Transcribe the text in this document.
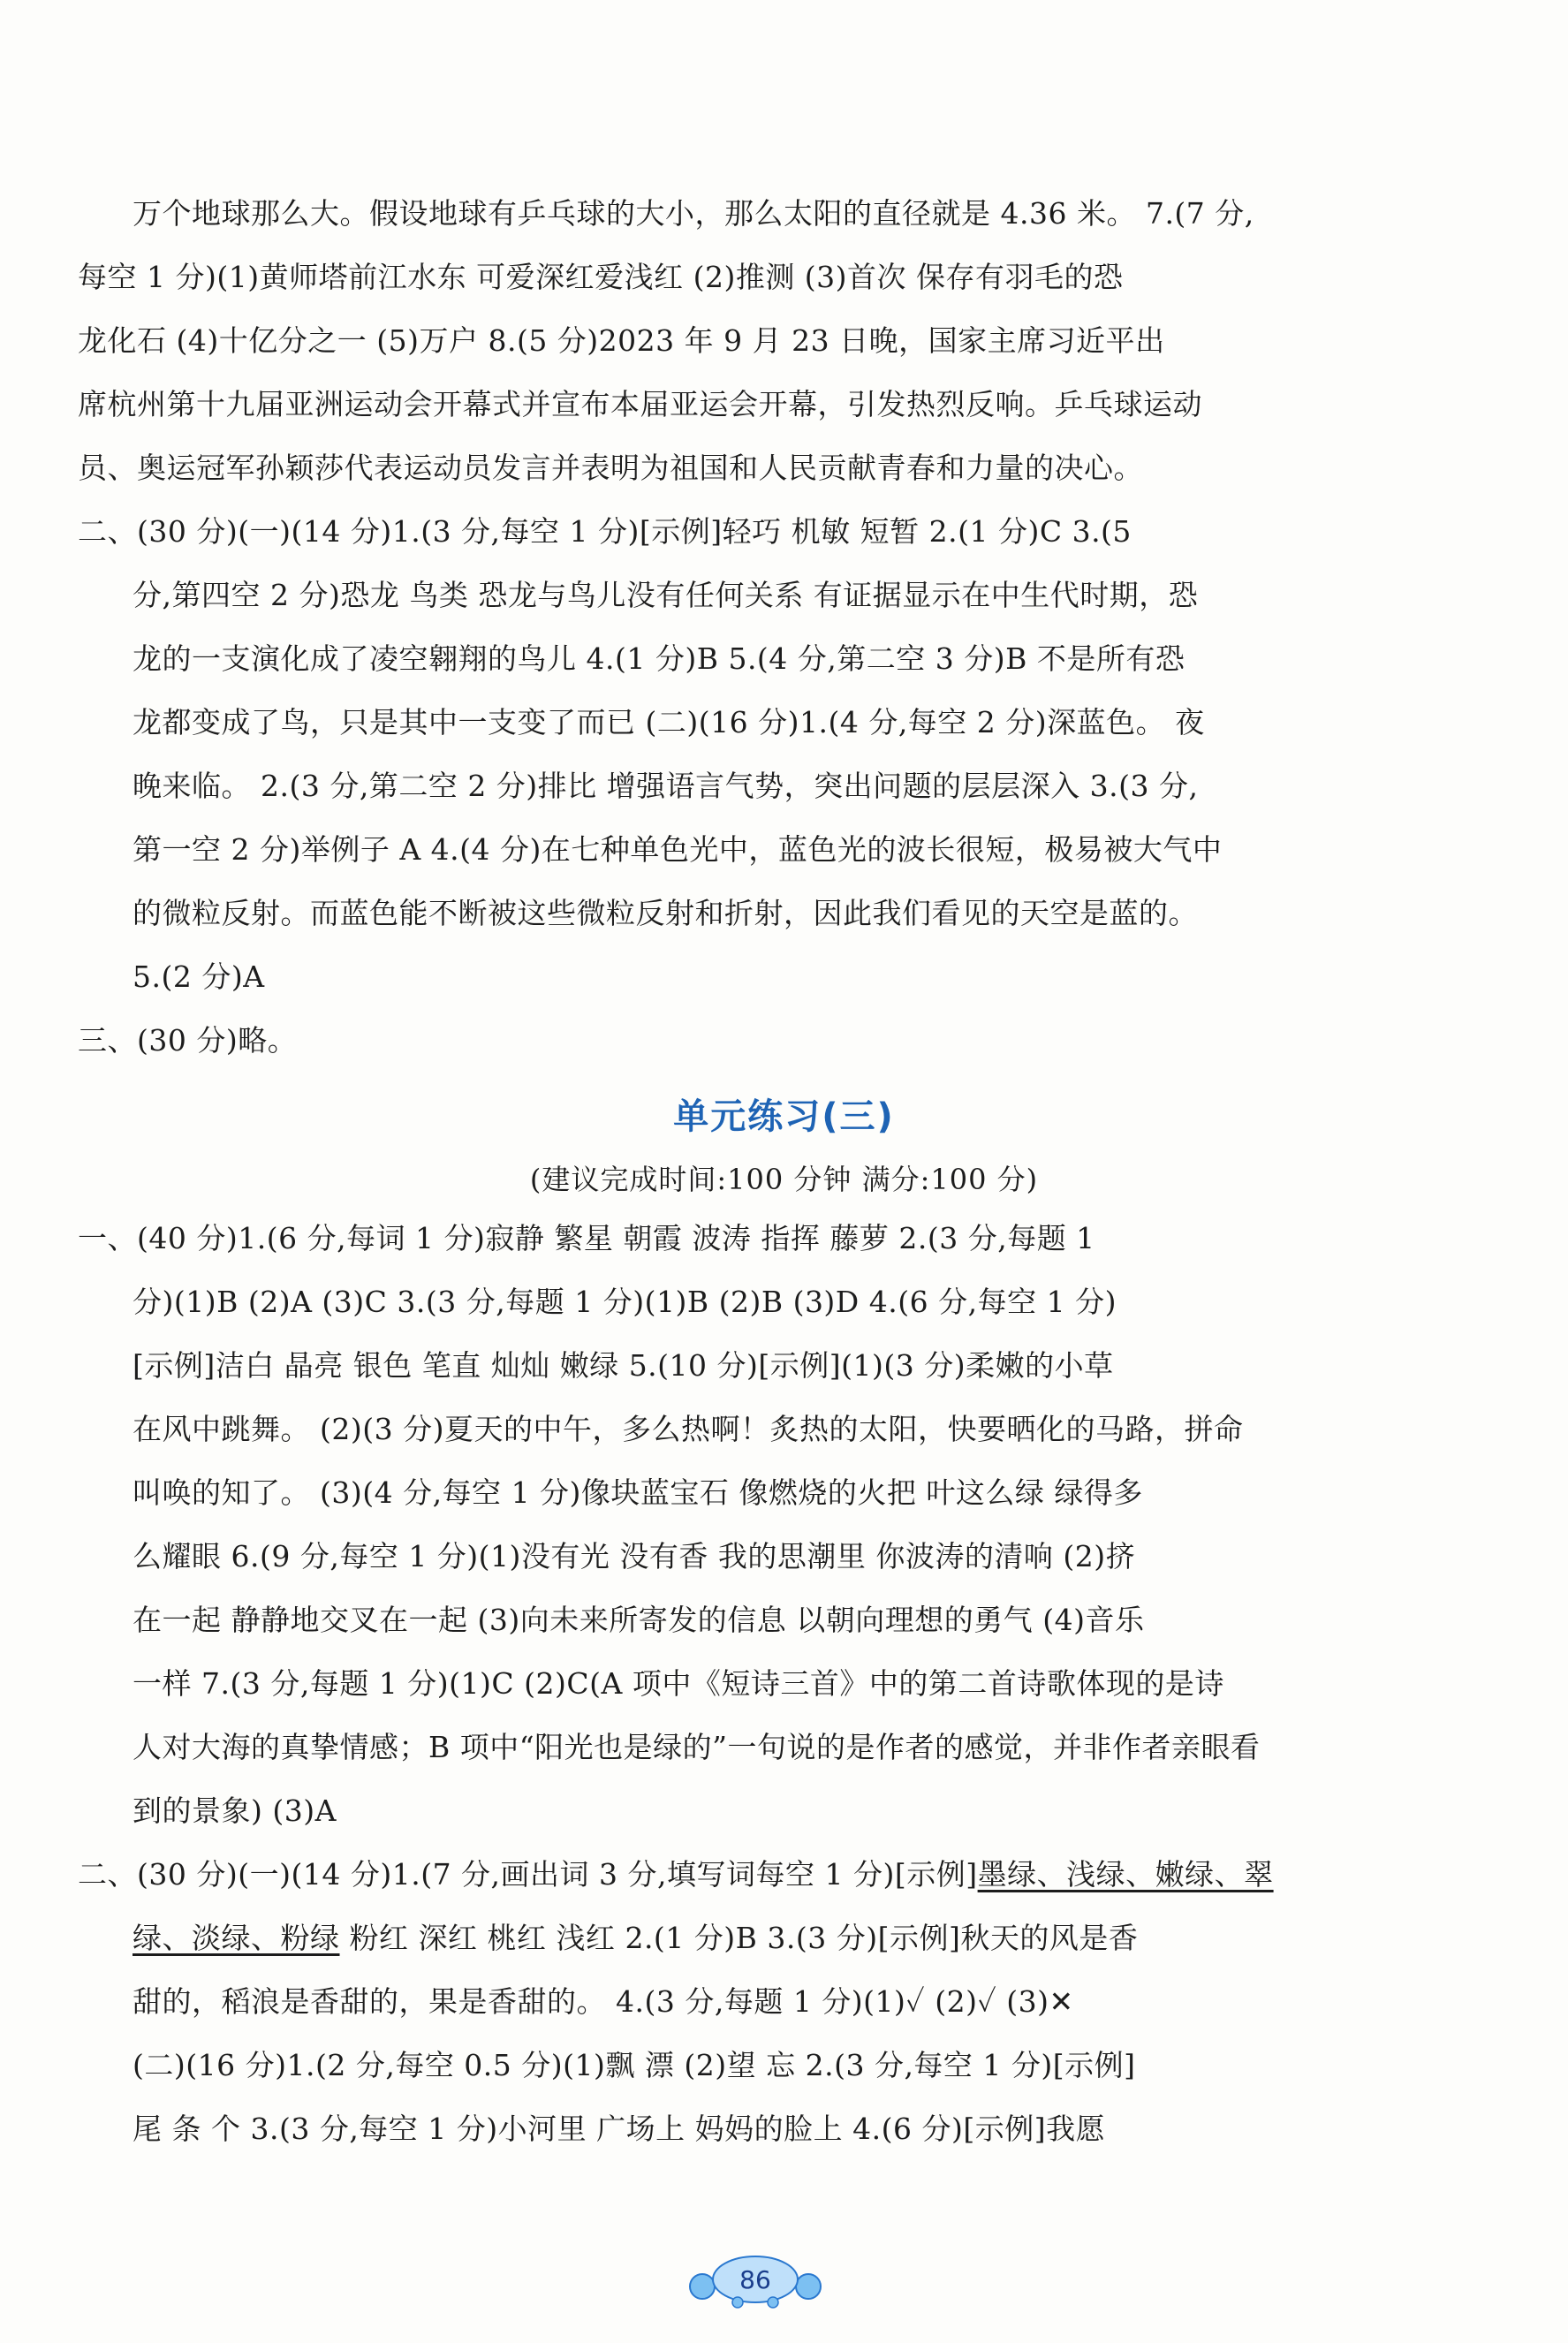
万个地球那么大。假设地球有乒乓球的大小，那么太阳的直径就是 4.36 米。 7.(7 分,
每空 1 分)(1)黄师塔前江水东 可爱深红爱浅红 (2)推测 (3)首次 保存有羽毛的恐
龙化石 (4)十亿分之一 (5)万户 8.(5 分)2023 年 9 月 23 日晚，国家主席习近平出
席杭州第十九届亚洲运动会开幕式并宣布本届亚运会开幕，引发热烈反响。乒乓球运动
员、奥运冠军孙颖莎代表运动员发言并表明为祖国和人民贡献青春和力量的决心。
二、(30 分)(一)(14 分)1.(3 分,每空 1 分)[示例]轻巧 机敏 短暂 2.(1 分)C 3.(5
分,第四空 2 分)恐龙 鸟类 恐龙与鸟儿没有任何关系 有证据显示在中生代时期，恐
龙的一支演化成了凌空翱翔的鸟儿 4.(1 分)B 5.(4 分,第二空 3 分)B 不是所有恐
龙都变成了鸟，只是其中一支变了而已 (二)(16 分)1.(4 分,每空 2 分)深蓝色。 夜
晚来临。 2.(3 分,第二空 2 分)排比 增强语言气势，突出问题的层层深入 3.(3 分,
第一空 2 分)举例子 A 4.(4 分)在七种单色光中，蓝色光的波长很短，极易被大气中
的微粒反射。而蓝色能不断被这些微粒反射和折射，因此我们看见的天空是蓝的。
5.(2 分)A
三、(30 分)略。
单元练习(三)
(建议完成时间:100 分钟 满分:100 分)
一、(40 分)1.(6 分,每词 1 分)寂静 繁星 朝霞 波涛 指挥 藤萝 2.(3 分,每题 1
分)(1)B (2)A (3)C 3.(3 分,每题 1 分)(1)B (2)B (3)D 4.(6 分,每空 1 分)
[示例]洁白 晶亮 银色 笔直 灿灿 嫩绿 5.(10 分)[示例](1)(3 分)柔嫩的小草
在风中跳舞。 (2)(3 分)夏天的中午，多么热啊！炙热的太阳，快要晒化的马路，拼命
叫唤的知了。 (3)(4 分,每空 1 分)像块蓝宝石 像燃烧的火把 叶这么绿 绿得多
么耀眼 6.(9 分,每空 1 分)(1)没有光 没有香 我的思潮里 你波涛的清响 (2)挤
在一起 静静地交叉在一起 (3)向未来所寄发的信息 以朝向理想的勇气 (4)音乐
一样 7.(3 分,每题 1 分)(1)C (2)C(A 项中《短诗三首》中的第二首诗歌体现的是诗
人对大海的真挚情感；B 项中“阳光也是绿的”一句说的是作者的感觉，并非作者亲眼看
到的景象) (3)A
二、(30 分)(一)(14 分)1.(7 分,画出词 3 分,填写词每空 1 分)[示例]墨绿、浅绿、嫩绿、翠
绿、淡绿、粉绿 粉红 深红 桃红 浅红 2.(1 分)B 3.(3 分)[示例]秋天的风是香
甜的，稻浪是香甜的，果是香甜的。 4.(3 分,每题 1 分)(1)✓ (2)✓ (3)✕
(二)(16 分)1.(2 分,每空 0.5 分)(1)飘 漂 (2)望 忘 2.(3 分,每空 1 分)[示例]
尾 条 个 3.(3 分,每空 1 分)小河里 广场上 妈妈的脸上 4.(6 分)[示例]我愿
86
